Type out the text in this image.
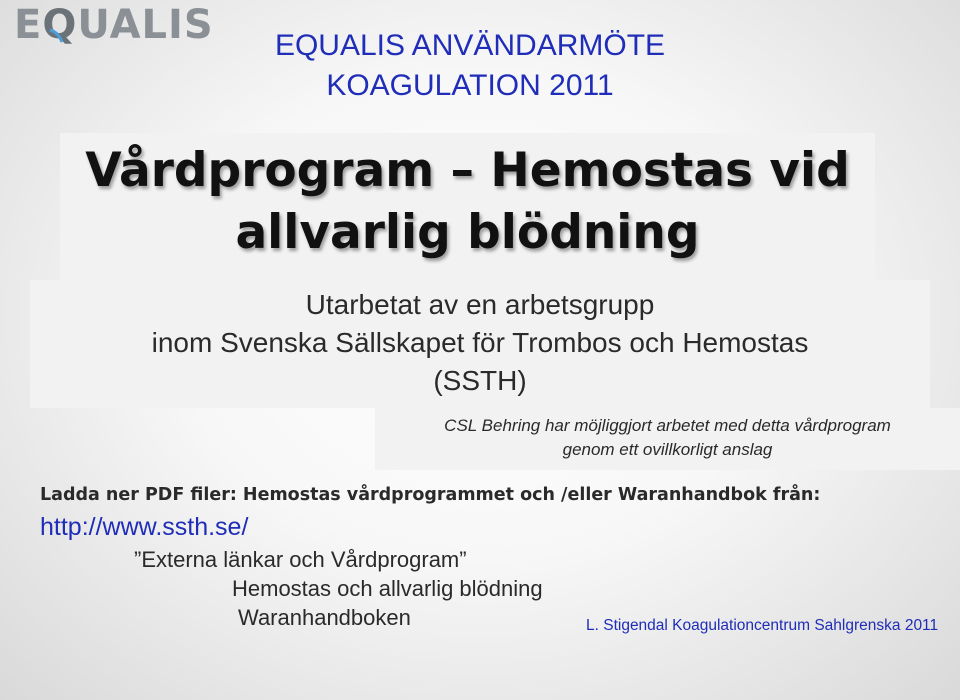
EQUALIS	EQUALIS ANVÄNDARMÖTE
KOAGULATION 2011
Vårdprogram – Hemostas vid
allvarlig blödning
Utarbetat av en arbetsgrupp
inom Svenska Sällskapet för Trombos och Hemostas
(SSTH)
CSL Behring har möjliggjort arbetet med detta vårdprogram
genom ett ovillkorligt anslag
Ladda ner PDF filer: Hemostas vårdprogrammet och /eller Waranhandbok från:
http://www.ssth.se/
”Externa länkar och Vårdprogram”
Hemostas och allvarlig blödning
Waranhandboken	L. Stigendal Koagulationcentrum Sahlgrenska 2011
